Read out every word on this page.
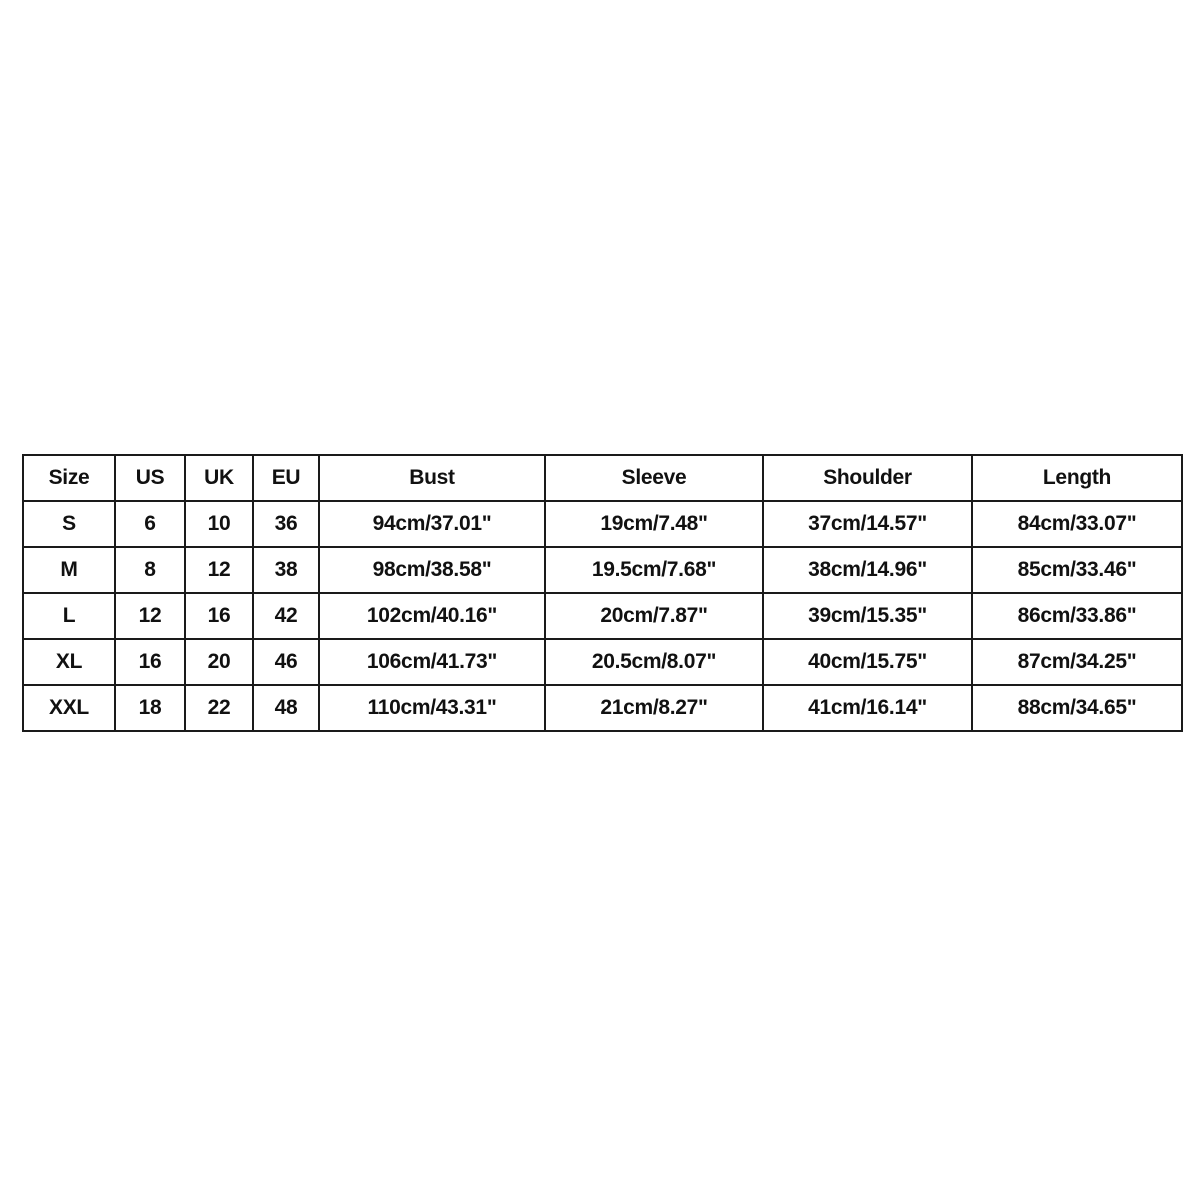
Size	US	UK	EU	Bust	Sleeve	Shoulder	Length
S	6	10	36	94cm/37.01"	19cm/7.48"	37cm/14.57"	84cm/33.07"
M	8	12	38	98cm/38.58"	19.5cm/7.68"	38cm/14.96"	85cm/33.46"
L	12	16	42	102cm/40.16"	20cm/7.87"	39cm/15.35"	86cm/33.86"
XL	16	20	46	106cm/41.73"	20.5cm/8.07"	40cm/15.75"	87cm/34.25"
XXL	18	22	48	110cm/43.31"	21cm/8.27"	41cm/16.14"	88cm/34.65"
